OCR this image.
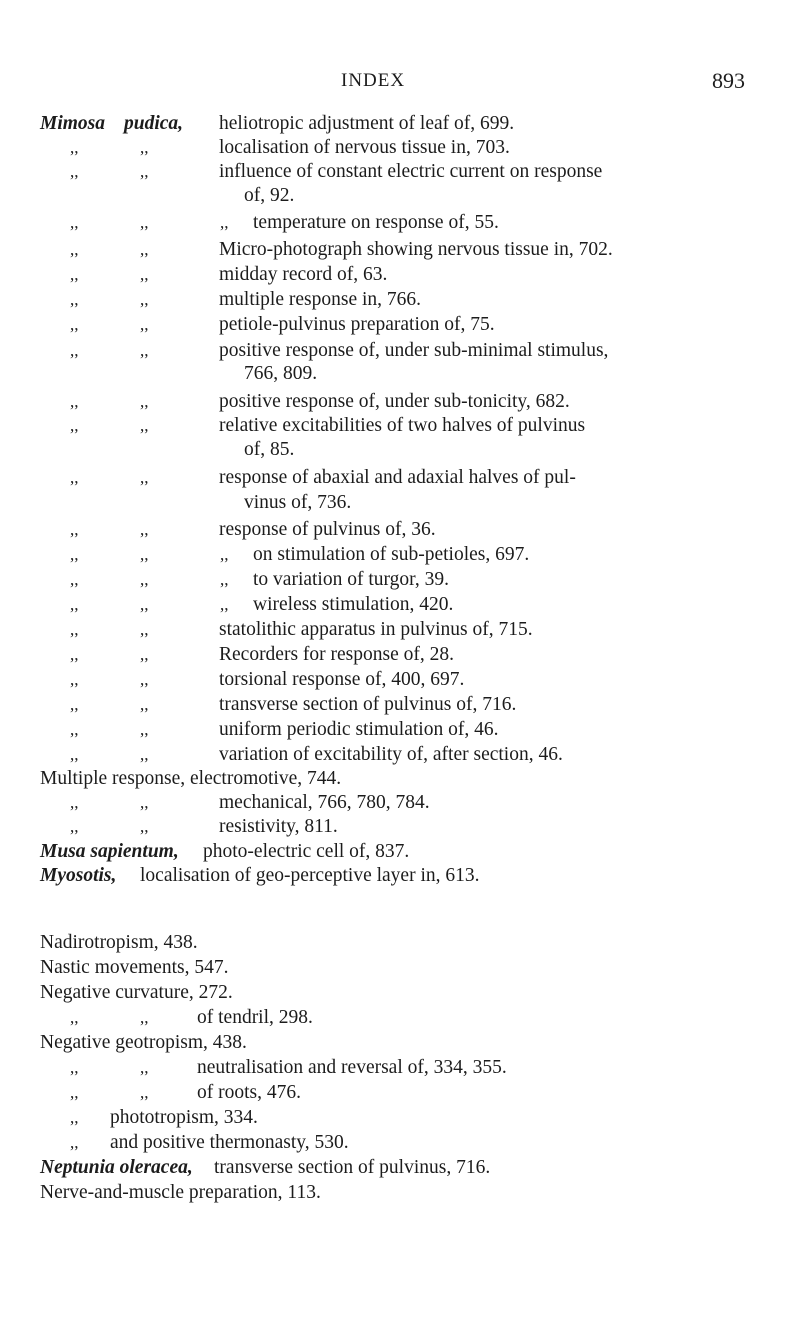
INDEX	893
Mimosa pudica, heliotropic adjustment of leaf of, 699.
,,	,,	localisation of nervous tissue in, 703.
,,	,,	influence of constant electric current on response
of, 92.
,,	,,	,, temperature on response of, 55.
,,	,,	Micro-photograph showing nervous tissue in, 702.
,,	,,	midday record of, 63.
,,	,,	multiple response in, 766.
,,	,,	petiole-pulvinus preparation of, 75.
,,	,,	positive response of, under sub-minimal stimulus,
766, 809.
,,	,,	positive response of, under sub-tonicity, 682.
,,	,,	relative excitabilities of two halves of pulvinus
of, 85.
,,	,,	response of abaxial and adaxial halves of pul-
vinus of, 736.
,,	,,	response of pulvinus of, 36.
,,	,,	,, on stimulation of sub-petioles, 697.
,,	,,	,, to variation of turgor, 39.
,,	,,	,, wireless stimulation, 420.
,,	,,	statolithic apparatus in pulvinus of, 715.
,,	,,	Recorders for response of, 28.
,,	,,	torsional response of, 400, 697.
,,	,,	transverse section of pulvinus of, 716.
,,	,,	uniform periodic stimulation of, 46.
,,	,,	variation of excitability of, after section, 46.
Multiple response, electromotive, 744.
,,	,,	mechanical, 766, 780, 784.
,,	,,	resistivity, 811.
Musa sapientum, photo-electric cell of, 837.
Myosotis, localisation of geo-perceptive layer in, 613.
Nadirotropism, 438.
Nastic movements, 547.
Negative curvature, 272.
,,	,, of tendril, 298.
Negative geotropism, 438.
,,	,, neutralisation and reversal of, 334, 355.
,,	,, of roots, 476.
,, phototropism, 334.
,, and positive thermonasty, 530.
Neptunia oleracea, transverse section of pulvinus, 716.
Nerve-and-muscle preparation, 113.
